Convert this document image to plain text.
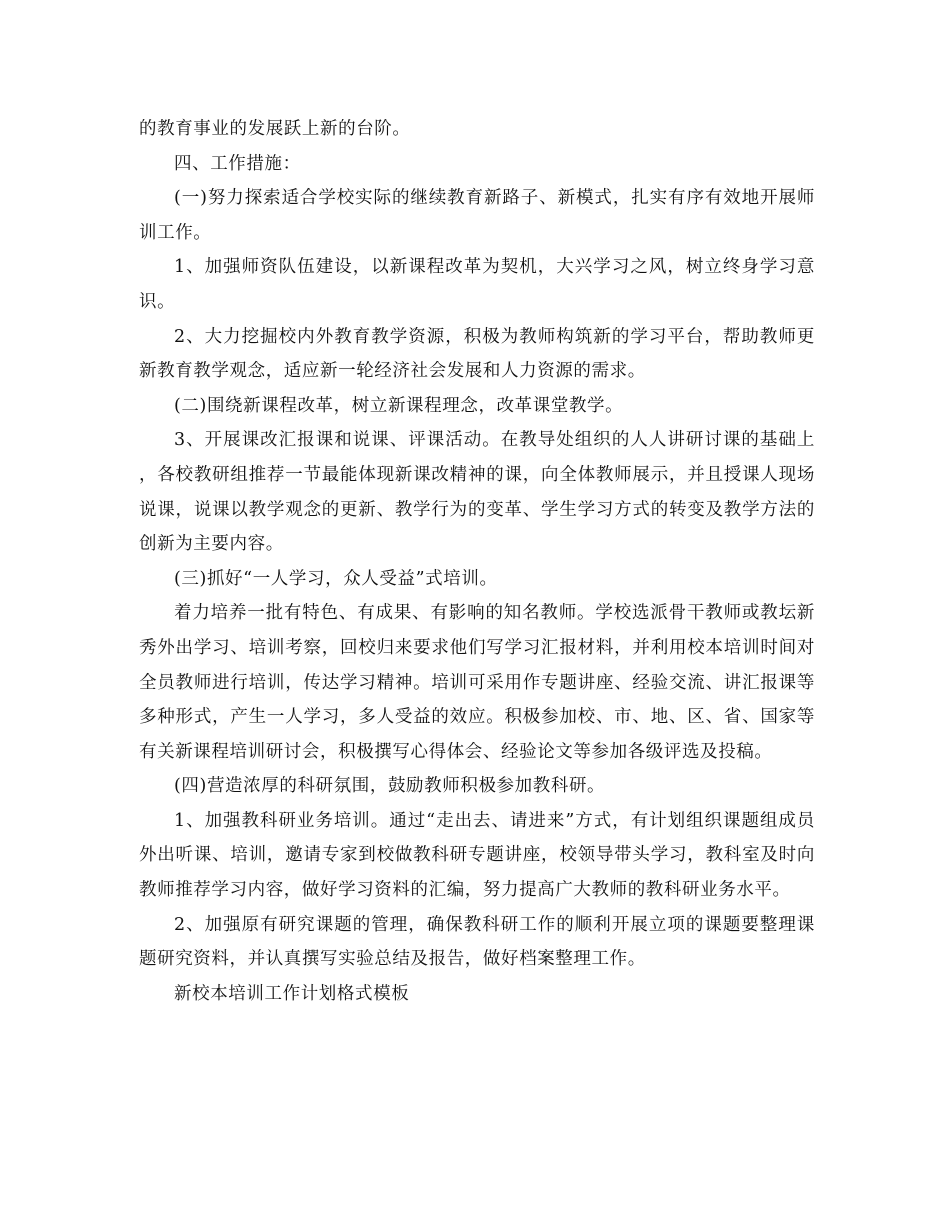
的教育事业的发展跃上新的台阶。

四、工作措施：

(一)努力探索适合学校实际的继续教育新路子、新模式，扎实有序有效地开展师训工作。

1、加强师资队伍建设，以新课程改革为契机，大兴学习之风，树立终身学习意识。

2、大力挖掘校内外教育教学资源，积极为教师构筑新的学习平台，帮助教师更新教育教学观念，适应新一轮经济社会发展和人力资源的需求。

(二)围绕新课程改革，树立新课程理念，改革课堂教学。

3、开展课改汇报课和说课、评课活动。在教导处组织的人人讲研讨课的基础上，各校教研组推荐一节最能体现新课改精神的课，向全体教师展示，并且授课人现场说课，说课以教学观念的更新、教学行为的变革、学生学习方式的转变及教学方法的创新为主要内容。

(三)抓好“一人学习，众人受益”式培训。

着力培养一批有特色、有成果、有影响的知名教师。学校选派骨干教师或教坛新秀外出学习、培训考察，回校归来要求他们写学习汇报材料，并利用校本培训时间对全员教师进行培训，传达学习精神。培训可采用作专题讲座、经验交流、讲汇报课等多种形式，产生一人学习，多人受益的效应。积极参加校、市、地、区、省、国家等有关新课程培训研讨会，积极撰写心得体会、经验论文等参加各级评选及投稿。

(四)营造浓厚的科研氛围，鼓励教师积极参加教科研。

1、加强教科研业务培训。通过“走出去、请进来”方式，有计划组织课题组成员外出听课、培训，邀请专家到校做教科研专题讲座，校领导带头学习，教科室及时向教师推荐学习内容，做好学习资料的汇编，努力提高广大教师的教科研业务水平。

2、加强原有研究课题的管理，确保教科研工作的顺利开展立项的课题要整理课题研究资料，并认真撰写实验总结及报告，做好档案整理工作。

新校本培训工作计划格式模板
